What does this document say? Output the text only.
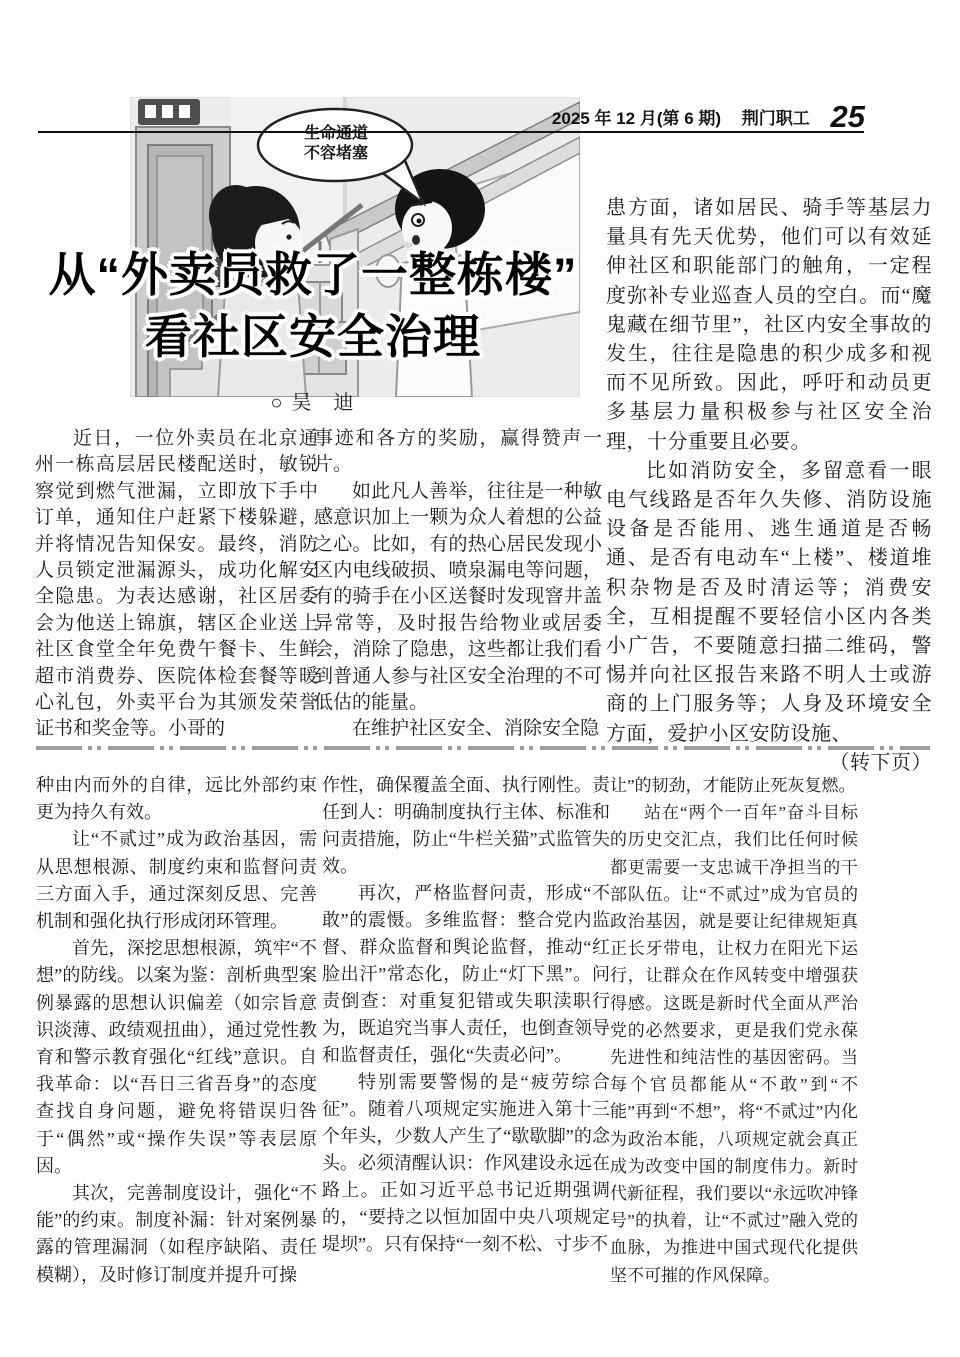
2025 年 12 月(第 6 期) 荆门职工 25
生命通道
不容堵塞
从“外卖员救了一整栋楼”
看社区安全治理
○ 吴 迪

近日，一位外卖员在北京通州一栋高层居民楼配送时，敏锐察觉到燃气泄漏，立即放下手中订单，通知住户赶紧下楼躲避，并将情况告知保安。最终，消防人员锁定泄漏源头，成功化解安全隐患。为表达感谢，社区居委会为他送上锦旗，辖区企业送上社区食堂全年免费午餐卡、生鲜超市消费券、医院体检套餐等暖心礼包，外卖平台为其颁发荣誉证书和奖金等。小哥的

事迹和各方的奖励，赢得赞声一片。

如此凡人善举，往往是一种敏感意识加上一颗为众人着想的公益之心。比如，有的热心居民发现小区内电线破损、喷泉漏电等问题，有的骑手在小区送餐时发现窨井盖异常等，及时报告给物业或居委会，消除了隐患，这些都让我们看到普通人参与社区安全治理的不可低估的能量。

在维护社区安全、消除安全隐

患方面，诸如居民、骑手等基层力量具有先天优势，他们可以有效延伸社区和职能部门的触角，一定程度弥补专业巡查人员的空白。而“魔鬼藏在细节里”，社区内安全事故的发生，往往是隐患的积少成多和视而不见所致。因此，呼吁和动员更多基层力量积极参与社区安全治理，十分重要且必要。

比如消防安全，多留意看一眼电气线路是否年久失修、消防设施设备是否能用、逃生通道是否畅通、是否有电动车“上楼”、楼道堆积杂物是否及时清运等；消费安全，互相提醒不要轻信小区内各类小广告，不要随意扫描二维码，警惕并向社区报告来路不明人士或游商的上门服务等；人身及环境安全方面，爱护小区安防设施、
（转下页）

种由内而外的自律，远比外部约束更为持久有效。

让“不贰过”成为政治基因，需从思想根源、制度约束和监督问责三方面入手，通过深刻反思、完善机制和强化执行形成闭环管理。

首先，深挖思想根源，筑牢“不想”的防线。以案为鉴：剖析典型案例暴露的思想认识偏差（如宗旨意识淡薄、政绩观扭曲），通过党性教育和警示教育强化“红线”意识。自我革命：以“吾日三省吾身”的态度查找自身问题，避免将错误归咎于“偶然”或“操作失误”等表层原因。

其次，完善制度设计，强化“不能”的约束。制度补漏：针对案例暴露的管理漏洞（如程序缺陷、责任模糊），及时修订制度并提升可操

作性，确保覆盖全面、执行刚性。责任到人：明确制度执行主体、标准和问责措施，防止“牛栏关猫”式监管失效。

再次，严格监督问责，形成“不敢”的震慑。多维监督：整合党内监督、群众监督和舆论监督，推动“红脸出汗”常态化，防止“灯下黑”。问责倒查：对重复犯错或失职渎职行为，既追究当事人责任，也倒查领导和监督责任，强化“失责必问”。

特别需要警惕的是“疲劳综合征”。随着八项规定实施进入第十三个年头，少数人产生了“歇歇脚”的念头。必须清醒认识：作风建设永远在路上。正如习近平总书记近期强调的，“要持之以恒加固中央八项规定堤坝”。只有保持“一刻不松、寸步不

让”的韧劲，才能防止死灰复燃。

站在“两个一百年”奋斗目标的历史交汇点，我们比任何时候都更需要一支忠诚干净担当的干部队伍。让“不贰过”成为官员的政治基因，就是要让纪律规矩真正长牙带电，让权力在阳光下运行，让群众在作风转变中增强获得感。这既是新时代全面从严治党的必然要求，更是我们党永葆先进性和纯洁性的基因密码。当每个官员都能从“不敢”到“不能”再到“不想”，将“不贰过”内化为政治本能，八项规定就会真正成为改变中国的制度伟力。新时代新征程，我们要以“永远吹冲锋号”的执着，让“不贰过”融入党的血脉，为推进中国式现代化提供坚不可摧的作风保障。
